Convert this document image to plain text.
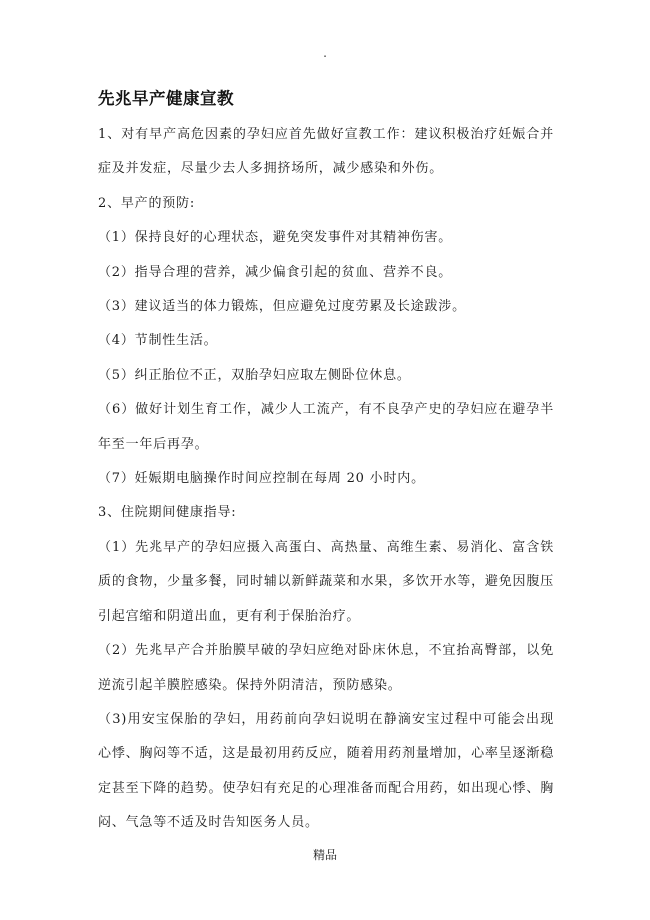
.
先兆早产健康宣教

1、对有早产高危因素的孕妇应首先做好宣教工作：建议积极治疗妊娠合并症及并发症，尽量少去人多拥挤场所，减少感染和外伤。

2、早产的预防:

（1）保持良好的心理状态，避免突发事件对其精神伤害。

（2）指导合理的营养，减少偏食引起的贫血、营养不良。

（3）建议适当的体力锻炼，但应避免过度劳累及长途跋涉。

（4）节制性生活。

（5）纠正胎位不正，双胎孕妇应取左侧卧位休息。

（6）做好计划生育工作，减少人工流产，有不良孕产史的孕妇应在避孕半年至一年后再孕。

（7）妊娠期电脑操作时间应控制在每周 20 小时内。

3、住院期间健康指导:

（1）先兆早产的孕妇应摄入高蛋白、高热量、高维生素、易消化、富含铁质的食物，少量多餐，同时辅以新鲜蔬菜和水果，多饮开水等，避免因腹压引起宫缩和阴道出血，更有利于保胎治疗。

（2）先兆早产合并胎膜早破的孕妇应绝对卧床休息，不宜抬高臀部，以免逆流引起羊膜腔感染。保持外阴清洁，预防感染。

（3)用安宝保胎的孕妇，用药前向孕妇说明在静滴安宝过程中可能会出现心悸、胸闷等不适，这是最初用药反应，随着用药剂量增加，心率呈逐渐稳定甚至下降的趋势。使孕妇有充足的心理准备而配合用药，如出现心悸、胸闷、气急等不适及时告知医务人员。

精品
